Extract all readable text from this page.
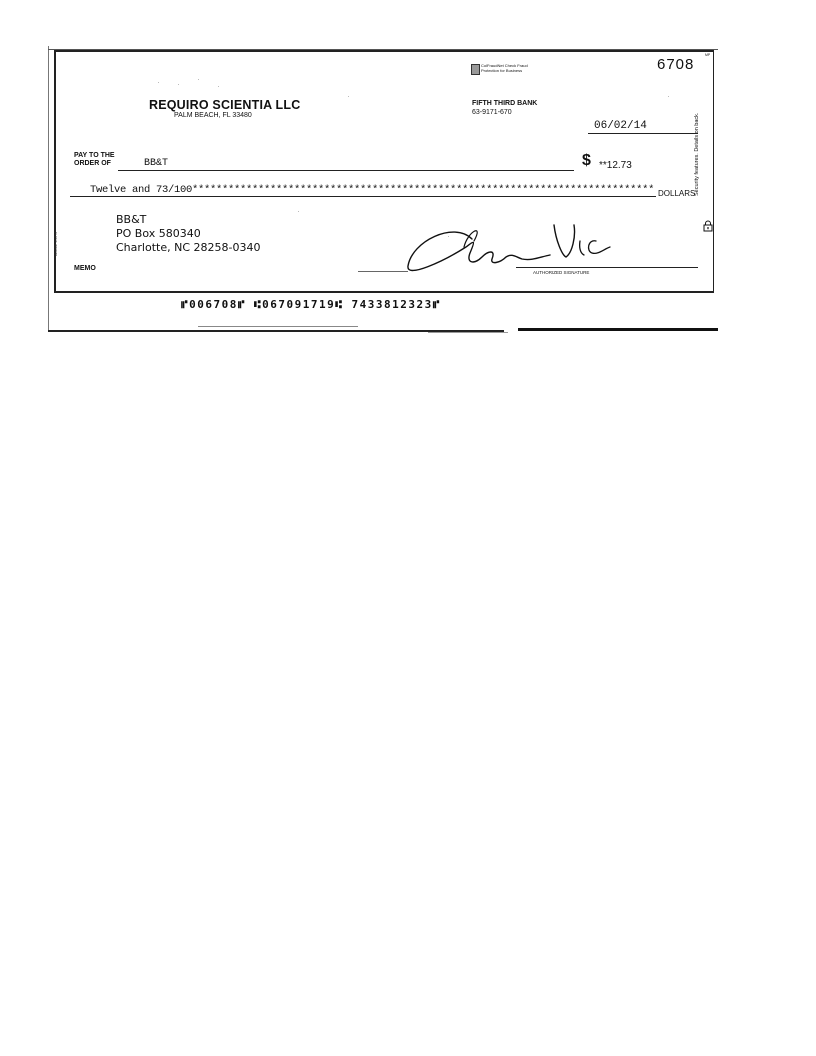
MP
6708
ColFraudNet Check Fraud
Protection for Business
REQUIRO SCIENTIA LLC
PALM BEACH, FL 33480
FIFTH THIRD BANK
63-9171-670
06/02/14
PAY TO THE
ORDER OF	BB&T	$ **12.73
Twelve and 73/100***************************************************************************** DOLLARS
BB&T
PO Box 580340
Charlotte, NC 28258-0340
MEMO
AUTHORIZED SIGNATURE
Security features. Details on back.
ADOBE 1/13 /4
⑈006708⑈ ⑆067091719⑆ 7433812323⑈
